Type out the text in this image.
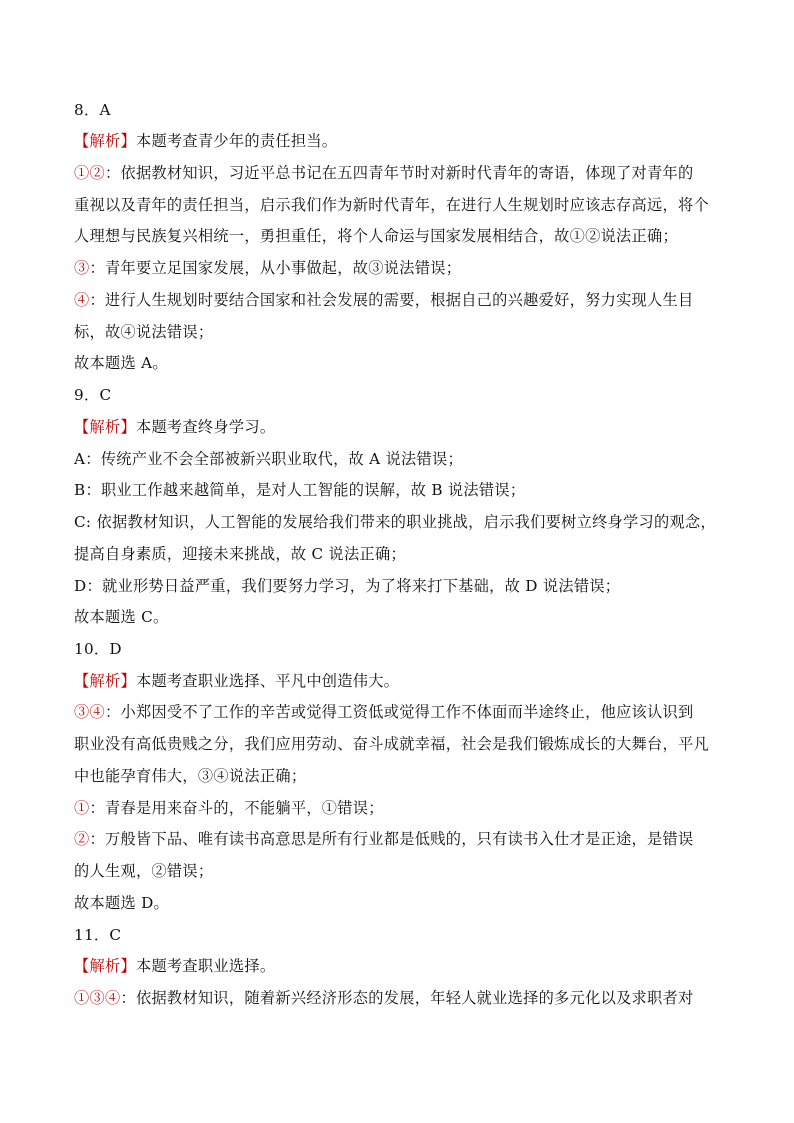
8．A
【解析】本题考查青少年的责任担当。
①②：依据教材知识，习近平总书记在五四青年节时对新时代青年的寄语，体现了对青年的
重视以及青年的责任担当，启示我们作为新时代青年，在进行人生规划时应该志存高远，将个
人理想与民族复兴相统一，勇担重任，将个人命运与国家发展相结合，故①②说法正确；
③：青年要立足国家发展，从小事做起，故③说法错误；
④：进行人生规划时要结合国家和社会发展的需要，根据自己的兴趣爱好，努力实现人生目
标，故④说法错误；
故本题选 A。
9．C
【解析】本题考查终身学习。
A：传统产业不会全部被新兴职业取代，故 A 说法错误；
B：职业工作越来越简单，是对人工智能的误解，故 B 说法错误；
C: 依据教材知识，人工智能的发展给我们带来的职业挑战，启示我们要树立终身学习的观念，
提高自身素质，迎接未来挑战，故 C 说法正确；
D：就业形势日益严重，我们要努力学习，为了将来打下基础，故 D 说法错误；
故本题选 C。
10．D
【解析】本题考查职业选择、平凡中创造伟大。
③④：小郑因受不了工作的辛苦或觉得工资低或觉得工作不体面而半途终止，他应该认识到
职业没有高低贵贱之分，我们应用劳动、奋斗成就幸福，社会是我们锻炼成长的大舞台，平凡
中也能孕育伟大，③④说法正确；
①：青春是用来奋斗的，不能躺平，①错误；
②：万般皆下品、唯有读书高意思是所有行业都是低贱的，只有读书入仕才是正途，是错误
的人生观，②错误；
故本题选 D。
11．C
【解析】本题考查职业选择。
①③④：依据教材知识，随着新兴经济形态的发展，年轻人就业选择的多元化以及求职者对
